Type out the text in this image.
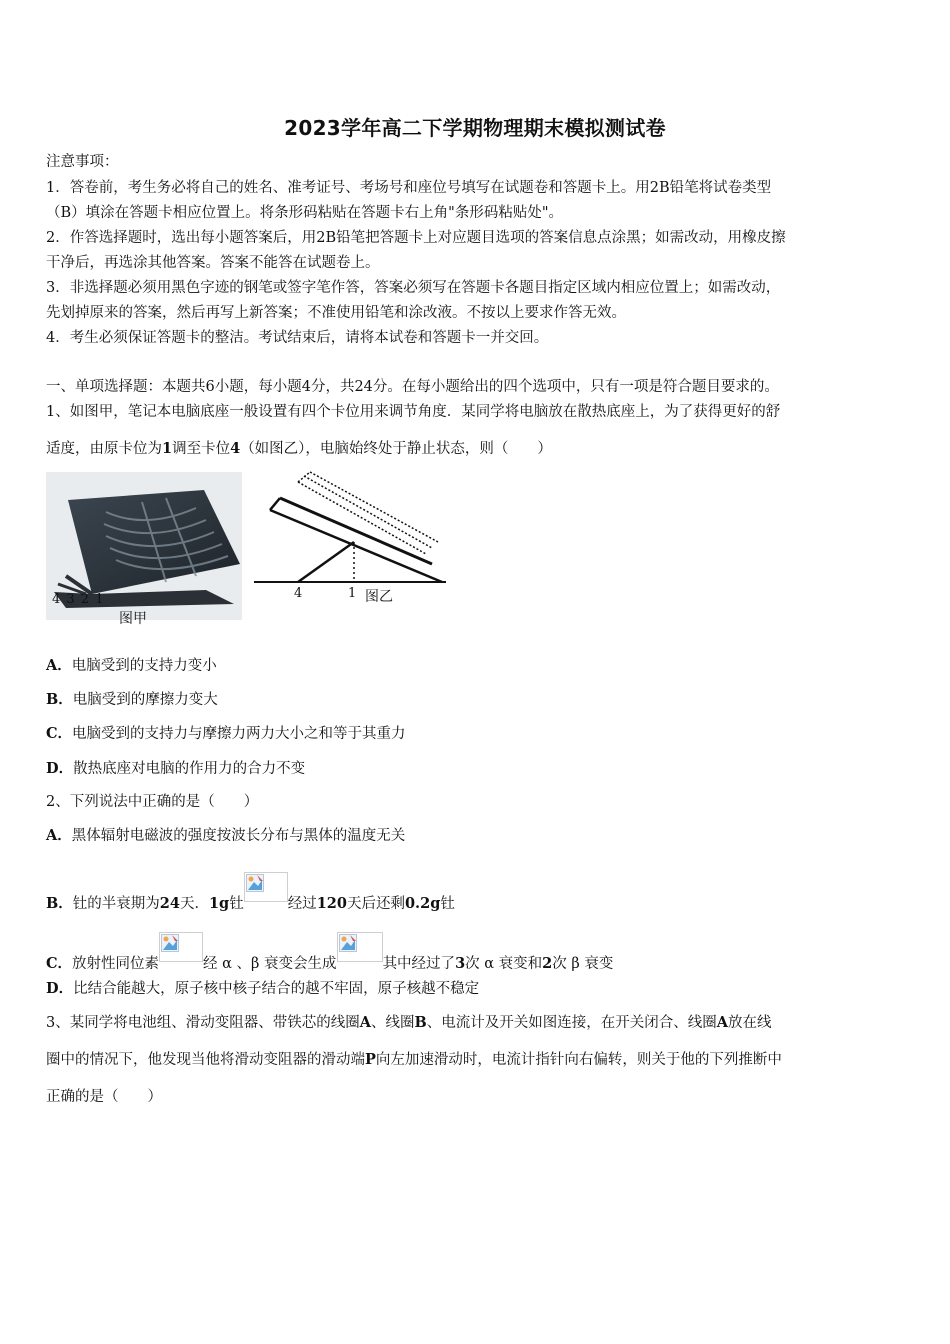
2023学年高二下学期物理期末模拟测试卷
注意事项：
1．答卷前，考生务必将自己的姓名、准考证号、考场号和座位号填写在试题卷和答题卡上。用2B铅笔将试卷类型
（B）填涂在答题卡相应位置上。将条形码粘贴在答题卡右上角"条形码粘贴处"。
2．作答选择题时，选出每小题答案后，用2B铅笔把答题卡上对应题目选项的答案信息点涂黑；如需改动，用橡皮擦
干净后，再选涂其他答案。答案不能答在试题卷上。
3．非选择题必须用黑色字迹的钢笔或签字笔作答，答案必须写在答题卡各题目指定区域内相应位置上；如需改动，
先划掉原来的答案，然后再写上新答案；不准使用铅笔和涂改液。不按以上要求作答无效。
4．考生必须保证答题卡的整洁。考试结束后，请将本试卷和答题卡一并交回。
一、单项选择题：本题共6小题，每小题4分，共24分。在每小题给出的四个选项中，只有一项是符合题目要求的。
1、如图甲，笔记本电脑底座一般设置有四个卡位用来调节角度．某同学将电脑放在散热底座上，为了获得更好的舒
适度，由原卡位为1调至卡位4（如图乙），电脑始终处于静止状态，则（　　）
4 3 2 1
图甲
4	1 图乙
A．电脑受到的支持力变小
B．电脑受到的摩擦力变大
C．电脑受到的支持力与摩擦力两力大小之和等于其重力
D．散热底座对电脑的作用力的合力不变
2、下列说法中正确的是（　　）
A．黑体辐射电磁波的强度按波长分布与黑体的温度无关
B．钍的半衰期为24天．1g钍	经过120天后还剩0.2g钍
C．放射性同位素	经 α 、β 衰变会生成	其中经过了3次 α 衰变和2次 β 衰变
D．比结合能越大，原子核中核子结合的越不牢固，原子核越不稳定
3、某同学将电池组、滑动变阻器、带铁芯的线圈A、线圈B、电流计及开关如图连接，在开关闭合、线圈A放在线
圈中的情况下，他发现当他将滑动变阻器的滑动端P向左加速滑动时，电流计指针向右偏转，则关于他的下列推断中
正确的是（　　）
